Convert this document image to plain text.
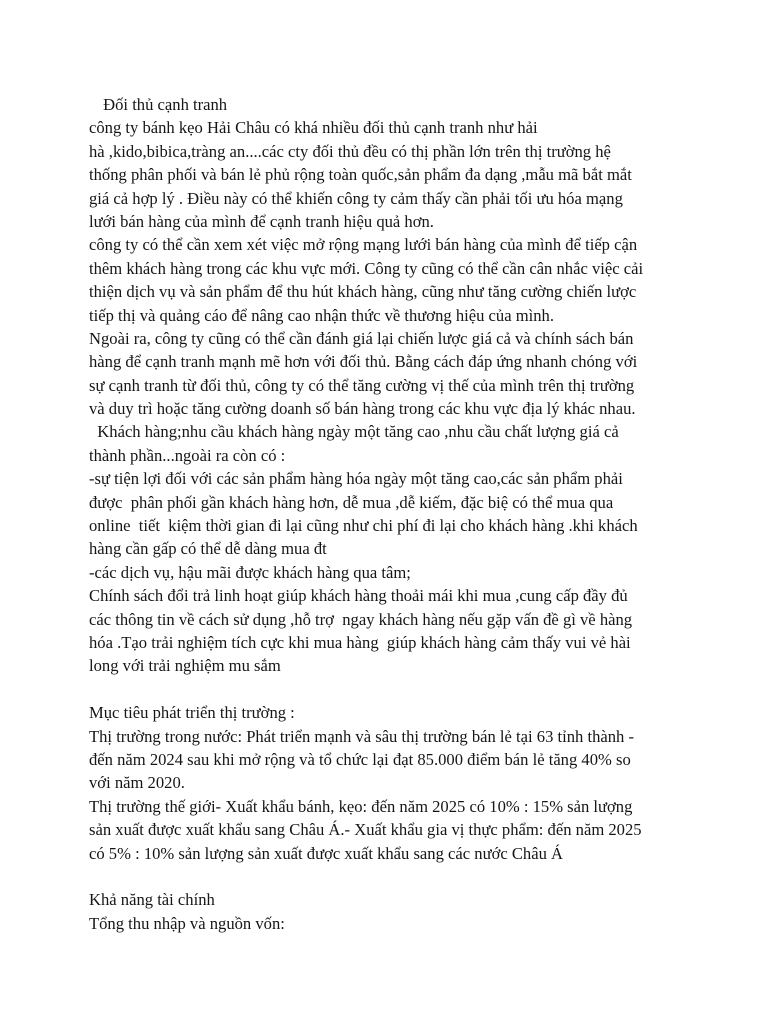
Đối thủ cạnh tranh
công ty bánh kẹo Hải Châu có khá nhiều đối thủ cạnh tranh như hải
hà ,kido,bibica,tràng an....các cty đối thủ đều có thị phần lớn trên thị trường hệ
thống phân phối và bán lẻ phủ rộng toàn quốc,sản phẩm đa dạng ,mẫu mã bắt mắt
giá cả hợp lý . Điều này có thể khiến công ty cảm thấy cần phải tối ưu hóa mạng
lưới bán hàng của mình để cạnh tranh hiệu quả hơn.
công ty có thể cần xem xét việc mở rộng mạng lưới bán hàng của mình để tiếp cận
thêm khách hàng trong các khu vực mới. Công ty cũng có thể cần cân nhắc việc cải
thiện dịch vụ và sản phẩm để thu hút khách hàng, cũng như tăng cường chiến lược
tiếp thị và quảng cáo để nâng cao nhận thức về thương hiệu của mình.
Ngoài ra, công ty cũng có thể cần đánh giá lại chiến lược giá cả và chính sách bán
hàng để cạnh tranh mạnh mẽ hơn với đối thủ. Bằng cách đáp ứng nhanh chóng với
sự cạnh tranh từ đối thủ, công ty có thể tăng cường vị thế của mình trên thị trường
và duy trì hoặc tăng cường doanh số bán hàng trong các khu vực địa lý khác nhau.
Khách hàng;nhu cầu khách hàng ngày một tăng cao ,nhu cầu chất lượng giá cả
thành phần...ngoài ra còn có :
-sự tiện lợi đối với các sản phẩm hàng hóa ngày một tăng cao,các sản phẩm phải
được  phân phối gần khách hàng hơn, dễ mua ,dễ kiếm, đặc biệ có thể mua qua
online  tiết  kiệm thời gian đi lại cũng như chi phí đi lại cho khách hàng .khi khách
hàng cần gấp có thể dễ dàng mua đt
-các dịch vụ, hậu mãi được khách hàng qua tâm;
Chính sách đổi trả linh hoạt giúp khách hàng thoải mái khi mua ,cung cấp đầy đủ
các thông tin về cách sử dụng ,hỗ trợ  ngay khách hàng nếu gặp vấn đề gì về hàng
hóa .Tạo trải nghiệm tích cực khi mua hàng  giúp khách hàng cảm thấy vui vẻ hài
long với trải nghiệm mu sắm
Mục tiêu phát triển thị trường :
Thị trường trong nước: Phát triển mạnh và sâu thị trường bán lẻ tại 63 tỉnh thành -
đến năm 2024 sau khi mở rộng và tổ chức lại đạt 85.000 điểm bán lẻ tăng 40% so
với năm 2020.
Thị trường thế giới- Xuất khẩu bánh, kẹo: đến năm 2025 có 10% : 15% sản lượng
sản xuất được xuất khẩu sang Châu Á.- Xuất khẩu gia vị thực phẩm: đến năm 2025
có 5% : 10% sản lượng sản xuất được xuất khẩu sang các nước Châu Á
Khả năng tài chính
Tổng thu nhập và nguồn vốn:
